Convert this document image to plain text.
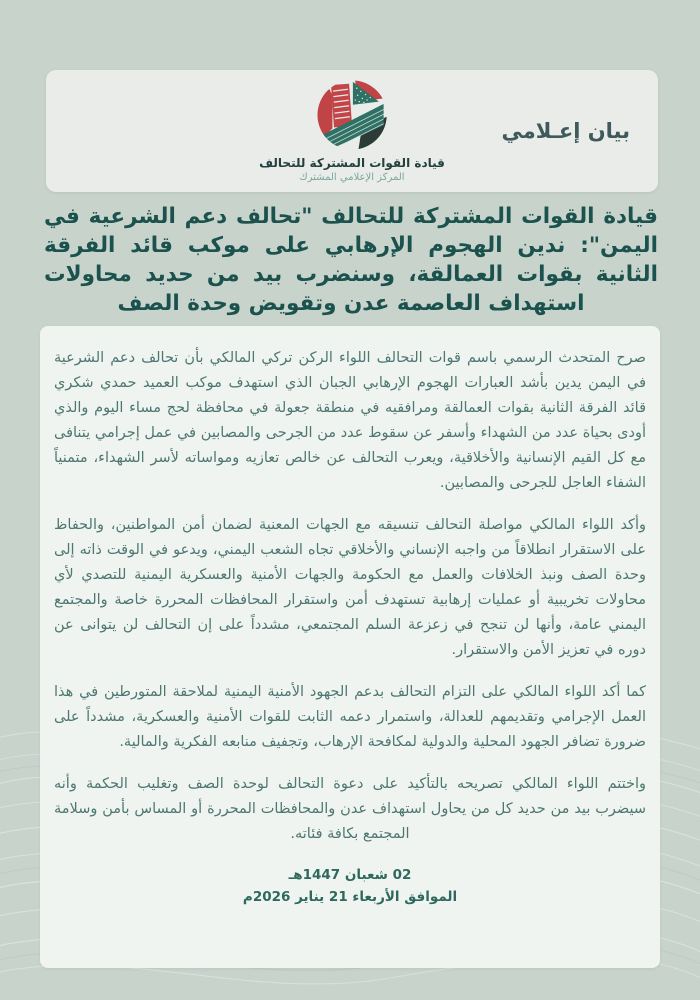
قيادة القوات المشتركة للتحالف
المركز الإعلامي المشترك
بيان إعـلامي
قيادة القوات المشتركة للتحالف "تحالف دعم الشرعية في اليمن": ندين الهجوم الإرهابي على موكب قائد الفرقة الثانية بقوات العمالقة، وسنضرب بيد من حديد محاولات استهداف العاصمة عدن وتقويض وحدة الصف

صرح المتحدث الرسمي باسم قوات التحالف اللواء الركن تركي المالكي بأن تحالف دعم الشرعية في اليمن يدين بأشد العبارات الهجوم الإرهابي الجبان الذي استهدف موكب العميد حمدي شكري قائد الفرقة الثانية بقوات العمالقة ومرافقيه في منطقة جعولة في محافظة لحج مساء اليوم والذي أودى بحياة عدد من الشهداء وأسفر عن سقوط عدد من الجرحى والمصابين في عمل إجرامي يتنافى مع كل القيم الإنسانية والأخلاقية، ويعرب التحالف عن خالص تعازيه ومواساته لأسر الشهداء، متمنياً الشفاء العاجل للجرحى والمصابين.

وأكد اللواء المالكي مواصلة التحالف تنسيقه مع الجهات المعنية لضمان أمن المواطنين، والحفاظ على الاستقرار انطلاقاً من واجبه الإنساني والأخلاقي تجاه الشعب اليمني، ويدعو في الوقت ذاته إلى وحدة الصف ونبذ الخلافات والعمل مع الحكومة والجهات الأمنية والعسكرية اليمنية للتصدي لأي محاولات تخريبية أو عمليات إرهابية تستهدف أمن واستقرار المحافظات المحررة خاصة والمجتمع اليمني عامة، وأنها لن تنجح في زعزعة السلم المجتمعي، مشدداً على إن التحالف لن يتوانى عن دوره في تعزيز الأمن والاستقرار.

كما أكد اللواء المالكي على التزام التحالف بدعم الجهود الأمنية اليمنية لملاحقة المتورطين في هذا العمل الإجرامي وتقديمهم للعدالة، واستمرار دعمه الثابت للقوات الأمنية والعسكرية، مشدداً على ضرورة تضافر الجهود المحلية والدولية لمكافحة الإرهاب، وتجفيف منابعه الفكرية والمالية.

واختتم اللواء المالكي تصريحه بالتأكيد على دعوة التحالف لوحدة الصف وتغليب الحكمة وأنه سيضرب بيد من حديد كل من يحاول استهداف عدن والمحافظات المحررة أو المساس بأمن وسلامة المجتمع بكافة فئاته.

02 شعبان 1447هـ
الموافق الأربعاء 21 يناير 2026م
